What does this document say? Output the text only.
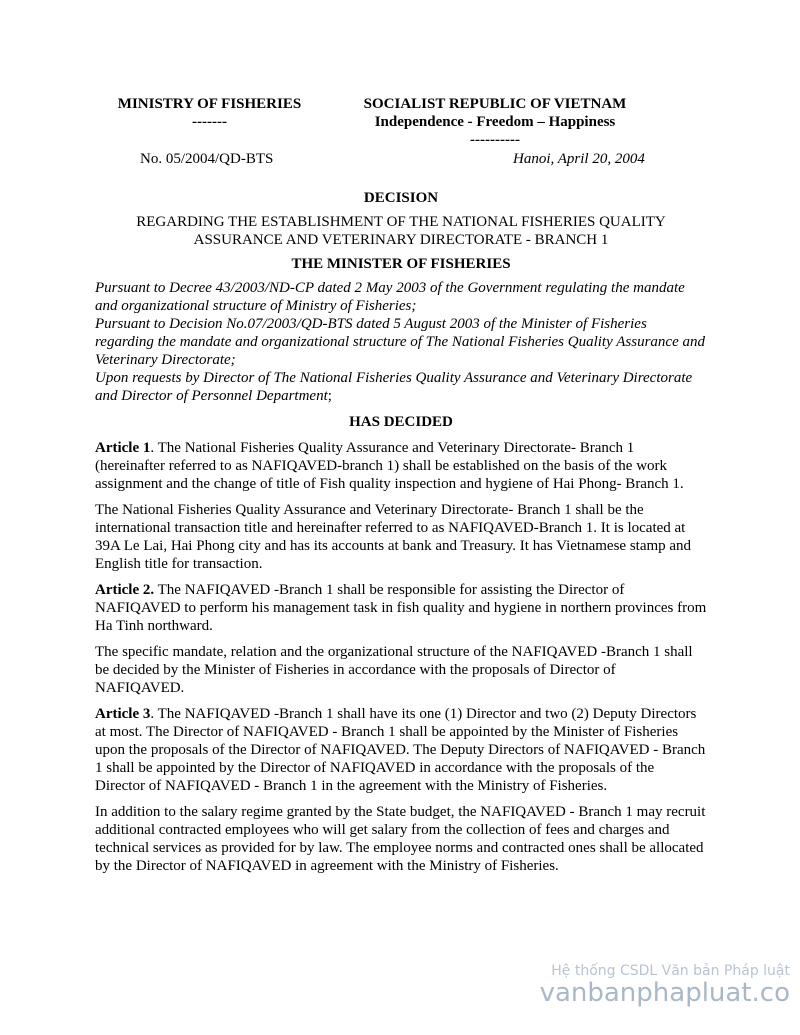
MINISTRY OF FISHERIES
-------
SOCIALIST REPUBLIC OF VIETNAM
Independence - Freedom – Happiness
----------
No. 05/2004/QD-BTS	Hanoi, April 20, 2004
DECISION
REGARDING THE ESTABLISHMENT OF THE NATIONAL FISHERIES QUALITY ASSURANCE AND VETERINARY DIRECTORATE - BRANCH 1
THE MINISTER OF FISHERIES

Pursuant to Decree 43/2003/ND-CP dated 2 May 2003 of the Government regulating the mandate and organizational structure of Ministry of Fisheries;

Pursuant to Decision No.07/2003/QD-BTS dated 5 August 2003 of the Minister of Fisheries regarding the mandate and organizational structure of The National Fisheries Quality Assurance and Veterinary Directorate;

Upon requests by Director of The National Fisheries Quality Assurance and Veterinary Directorate and Director of Personnel Department;

HAS DECIDED

Article 1. The National Fisheries Quality Assurance and Veterinary Directorate- Branch 1 (hereinafter referred to as NAFIQAVED-branch 1) shall be established on the basis of the work assignment and the change of title of Fish quality inspection and hygiene of Hai Phong- Branch 1.

The National Fisheries Quality Assurance and Veterinary Directorate- Branch 1 shall be the international transaction title and hereinafter referred to as NAFIQAVED-Branch 1. It is located at 39A Le Lai, Hai Phong city and has its accounts at bank and Treasury. It has Vietnamese stamp and English title for transaction.

Article 2. The NAFIQAVED -Branch 1 shall be responsible for assisting the Director of NAFIQAVED to perform his management task in fish quality and hygiene in northern provinces from Ha Tinh northward.

The specific mandate, relation and the organizational structure of the NAFIQAVED -Branch 1 shall be decided by the Minister of Fisheries in accordance with the proposals of Director of NAFIQAVED.

Article 3. The NAFIQAVED -Branch 1 shall have its one (1) Director and two (2) Deputy Directors at most. The Director of NAFIQAVED - Branch 1 shall be appointed by the Minister of Fisheries upon the proposals of the Director of NAFIQAVED. The Deputy Directors of NAFIQAVED - Branch 1 shall be appointed by the Director of NAFIQAVED in accordance with the proposals of the Director of NAFIQAVED - Branch 1 in the agreement with the Ministry of Fisheries.

In addition to the salary regime granted by the State budget, the NAFIQAVED - Branch 1 may recruit additional contracted employees who will get salary from the collection of fees and charges and technical services as provided for by law. The employee norms and contracted ones shall be allocated by the Director of NAFIQAVED in agreement with the Ministry of Fisheries.

Hệ thống CSDL Văn bản Pháp luật
vanbanphapluat.co
